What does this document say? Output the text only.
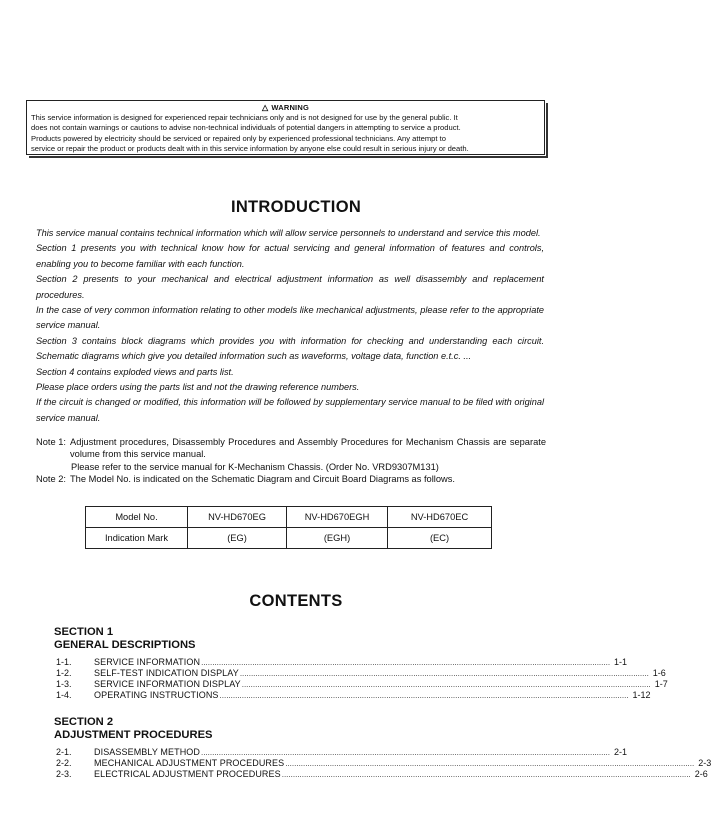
△ WARNING
This service information is designed for experienced repair technicians only and is not designed for use by the general public. It
does not contain warnings or cautions to advise non-technical individuals of potential dangers in attempting to service a product.
Products powered by electricity should be serviced or repaired only by experienced professional technicians. Any attempt to
service or repair the product or products dealt with in this service information by anyone else could result in serious injury or death.
INTRODUCTION

This service manual contains technical information which will allow service personnels to understand and service this model.

Section 1 presents you with technical know how for actual servicing and general information of features and controls, enabling you to become familiar with each function.

Section 2 presents to your mechanical and electrical adjustment information as well disassembly and replacement procedures.

In the case of very common information relating to other models like mechanical adjustments, please refer to the appropriate service manual.

Section 3 contains block diagrams which provides you with information for checking and understanding each circuit. Schematic diagrams which give you detailed information such as waveforms, voltage data, function e.t.c. ...

Section 4 contains exploded views and parts list.

Please place orders using the parts list and not the drawing reference numbers.

If the circuit is changed or modified, this information will be followed by supplementary service manual to be filed with original service manual.

Note 1: Adjustment procedures, Disassembly Procedures and Assembly Procedures for Mechanism Chassis are separate volume from this service manual.
Please refer to the service manual for K-Mechanism Chassis. (Order No. VRD9307M131)
Note 2: The Model No. is indicated on the Schematic Diagram and Circuit Board Diagrams as follows.
Model No.	NV-HD670EG	NV-HD670EGH	NV-HD670EC
Indication Mark	(EG)	(EGH)	(EC)
CONTENTS
SECTION 1
GENERAL DESCRIPTIONS
1-1.	SERVICE INFORMATION ........................................................................................................................................................................................ 1-1
1-2.	SELF-TEST INDICATION DISPLAY ........................................................................................................................................................................................ 1-6
1-3.	SERVICE INFORMATION DISPLAY ........................................................................................................................................................................................ 1-7
1-4.	OPERATING INSTRUCTIONS ........................................................................................................................................................................................ 1-12
SECTION 2
ADJUSTMENT PROCEDURES
2-1.	DISASSEMBLY METHOD ........................................................................................................................................................................................ 2-1
2-2.	MECHANICAL ADJUSTMENT PROCEDURES ........................................................................................................................................................................................ 2-3
2-3.	ELECTRICAL ADJUSTMENT PROCEDURES ........................................................................................................................................................................................ 2-6
